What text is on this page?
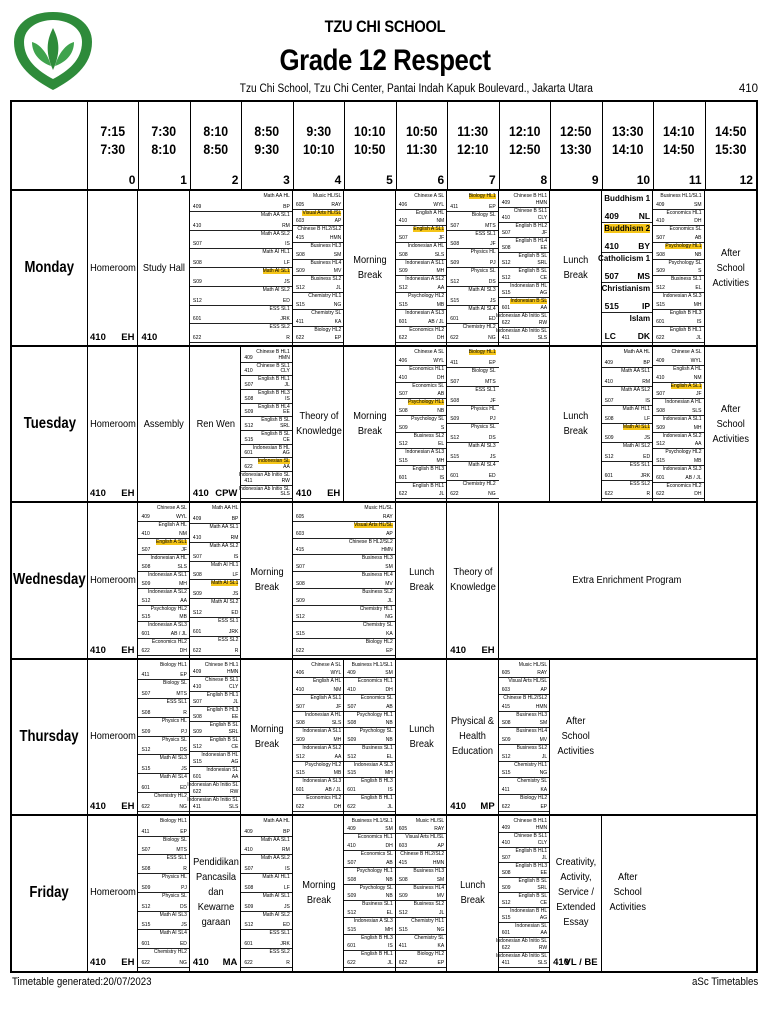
TZU CHI SCHOOL
Grade 12 Respect
Tzu Chi School, Tzu Chi Center, Pantai Indah Kapuk Boulevard., Jakarta Utara	410
7:15
7:30
0
7:30
8:10
1
8:10
8:50
2
8:50
9:30
3
9:30
10:10
4
10:10
10:50
5
10:50
11:30
6
11:30
12:10
7
12:10
12:50
8
12:50
13:30
9
13:30
14:10
10
14:10
14:50
11
14:50
15:30
12
Monday Homeroom
410 EH
Study Hall
410
409
Math AA HL
BP
410
Math AA SL1
RM
S07
Math AA SL2
IS
S08
Math AI HL1
LF
S09
Math AI SL1
JS
S12
Math AI SL2
ED
601
ESS SL1
JRK
622
ESS SL2
R
605
Music HL/SL
RAY
603
Visual Arts HL/SL
AP
415
Chinese B HL2/SL2
HMN
S08
Business HL3
SM
S09
Business HL4
MV
S12
Business SL2
JL
S15
Chemistry HL1
NG
411
Chemistry SL
KA
622
Biology HL2
EP
Morning
Break
406
Chinese A SL
WYL
410
English A HL
NM
S07
English A SL1
JF
S08
Indonesian A HL
SLS
S09
Indonesian A SL1
MH
S12
Indonesian A SL2
AA
S15
Psychology HL2
MB
601
Indonesian A SL3
AB / JL
622
Economics HL2
DH
411
Biology HL1
EP
S07
Biology SL
MTS
S08
ESS SL1
JF
S09
Physics HL
PJ
S12
Physics SL
DS
S15
Math AI SL3
JS
601
Math AI SL4
ED
622
Chemistry HL2
NG
409
Chinese B HL1
HMN
410
Chinese B SL1
CLY
S07
English B HL2
JF
S08
English B HL4
EE
S12
English B SL
SRL
S12
English B SL
CE
S15
Indonesian B HL
AG
601
Indonesian B SL
AA
622
Indonesian Ab Initio SL
RW
411
Indonesian Ab Initio SL
SLS
Lunch Break
409
Buddhism 1
NL
410
Buddhism 2
BY
507
Catholicism 1
MS
515
Christianism
IP
LC
Islam
DK
409
Business HL1/SL1
SM
410
Economics HL1
DH
S07
Economics SL
AB
S08
Psychology HL1
NB
S09
Psychology SL
S
S12
Business SL1
EL
S15
Indonesian A SL3
MH
601
English B HL3
IS
622
English B HL1
JL
After School
Activities
Tuesday Homeroom
410 EH
Assembly Ren Wen
410 CPW
409
Chinese B HL1
HMN
410
Chinese B SL1
CLY
S07
English B HL1
JL
S08
English B HL3
IS
S09
English B HL4
EE
S12
English B SL
SRL
S15
English B SL
CE
601
Indonesian B HL
AG
622
Indonesian SL
AA
411
Indonesian Ab Initio SL
RW
Indonesian Ab Initio SL
SLS
Theory of
Knowledge
410 EH
Morning
Break
406
Chinese A SL
WYL
410
Economics HL1
DH
S07
Economics SL
AB
S08
Psychology HL1
NB
S09
Psychology SL
S
S12
Business SL2
EL
S15
Indonesian A SL3
MH
601
English B HL3
IS
622
English B HL1
JL
411
Biology HL1
EP
S07
Biology SL
MTS
S08
ESS SL1
JF
S09
Physics HL
PJ
S12
Physics SL
DS
S15
Math AI SL3
JS
601
Math AI SL4
ED
622
Chemistry HL2
NG
Lunch Break
409
Math AA HL
BP
410
Math AA SL1
RM
S07
Math AA SL2
IS
S08
Math AI HL1
LF
S09
Math AI SL1
JS
S12
Math AI SL2
ED
601
ESS SL1
JRK
622
ESS SL2
R
409
Chinese A SL
WYL
410
English A HL
NM
S07
English A SL1
JF
S08
Indonesian A HL
SLS
S09
Indonesian A SL1
MH
S12
Indonesian A SL2
AA
S15
Psychology HL2
MB
601
Indonesian A SL3
AB / JL
622
Economics HL2
DH
After School
Activities
Wednesday Homeroom
410 EH
409
Chinese A SL
WYL
410
English A HL
NM
S07
English A SL1
JF
S08
Indonesian A HL
SLS
S09
Indonesian A SL1
MH
S12
Indonesian A SL2
AA
S15
Psychology HL2
MB
601
Indonesian A SL3
AB / JL
622
Economics HL2
DH
409
Math AA HL
BP
410
Math AA SL1
RM
S07
Math AA SL2
IS
S08
Math AI HL1
LF
S09
Math AI SL1
JS
S12
Math AI SL2
ED
601
ESS SL1
JRK
622
ESS SL2
R
Morning
Break
605
Music HL/SL
RAY
603
Visual Arts HL/SL
AP
415
Chinese B HL2/SL2
HMN
S07
Business HL3
SM
S08
Business HL4
MV
S09
Business SL2
JL
S12
Chemistry HL1
NG
S15
Chemistry SL
KA
622
Biology HL2
EP
Lunch Break
Theory of
Knowledge
410 EH
Extra Enrichment Program
Thursday Homeroom
410 EH
411
Biology HL1
EP
S07
Biology SL
MTS
S08
ESS SL1
R
S09
Physics HL
PJ
S12
Physics SL
DS
S15
Math AI SL3
JS
601
Math AI SL4
ED
622
Chemistry HL2
NG
409
Chinese B HL1
HMN
410
Chinese B SL1
CLY
S07
English B HL1
JL
S08
English B HL3
EE
S09
English B SL
SRL
S12
English B SL
CE
S15
Indonesian B HL
AG
601
Indonesian SL
AA
622
Indonesian Ab Initio SL
RW
411
Indonesian Ab Initio SL
SLS
Morning
Break
406
Chinese A SL
WYL
410
English A HL
NM
S07
English A SL1
JF
S08
Indonesian A HL
SLS
S09
Indonesian A SL1
MH
S12
Indonesian A SL2
AA
S15
Psychology HL2
MB
601
Indonesian A SL3
AB / JL
622
Economics HL2
DH
409
Business HL1/SL1
SM
410
Economics HL1
DH
S07
Economics SL
AB
S08
Psychology HL1
NB
S09
Psychology SL
NB
S12
Business SL1
EL
S15
Indonesian A SL3
MH
601
English B HL3
IS
622
English B HL1
JL
Lunch Break
Physical &
Health
Education
410 MP
605
Music HL/SL
RAY
603
Visual Arts HL/SL
AP
415
Chinese B HL2/SL2
HMN
S08
Business HL3
SM
S09
Business HL4
MV
S12
Business SL2
JL
S15
Chemistry HL1
NG
411
Chemistry SL
KA
622
Biology HL2
EP
After School
Activities
Friday Homeroom
410 EH
411
Biology HL1
EP
S07
Biology SL
MTS
S08
ESS SL1
R
S09
Physics HL
PJ
S12
Physics SL
DS
S15
Math AI SL3
JS
601
Math AI SL4
ED
622
Chemistry HL2
NG
Pendidikan
Pancasila
dan Kewarne
garaan
410 MA
409
Math AA HL
BP
410
Math AA SL1
RM
S07
Math AA SL2
IS
S08
Math AI HL1
LF
S09
Math AI SL1
JS
S12
Math AI SL2
ED
601
ESS SL1
JRK
622
ESS SL2
R
Morning
Break
409
Business HL1/SL1
SM
410
Economics HL1
DH
S07
Economics SL
AB
S08
Psychology HL1
NB
S09
Psychology SL
NB
S12
Business SL1
EL
S15
Indonesian A SL3
MH
601
English B HL3
IS
622
English B HL1
JL
605
Music HL/SL
RAY
603
Visual Arts HL/SL
AP
415
Chinese B HL2/SL2
HMN
S08
Business HL3
SM
S09
Business HL4
MV
S12
Business SL2
JL
S15
Chemistry HL1
NG
411
Chemistry SL
KA
622
Biology HL2
EP
Lunch Break
409
Chinese B HL1
HMN
410
Chinese B SL1
CLY
S07
English B HL1
JL
S08
English B HL3
EE
S09
English B SL
SRL
S12
English B SL
CE
S15
Indonesian B HL
AG
601
Indonesian SL
AA
622
Indonesian Ab Initio SL
RW
411
Indonesian Ab Initio SL
SLS
Creativity,
Activity,
Service /
Extended
Essay
410
VL / BE
After School
Activities
Timetable generated:20/07/2023	aSc Timetables
